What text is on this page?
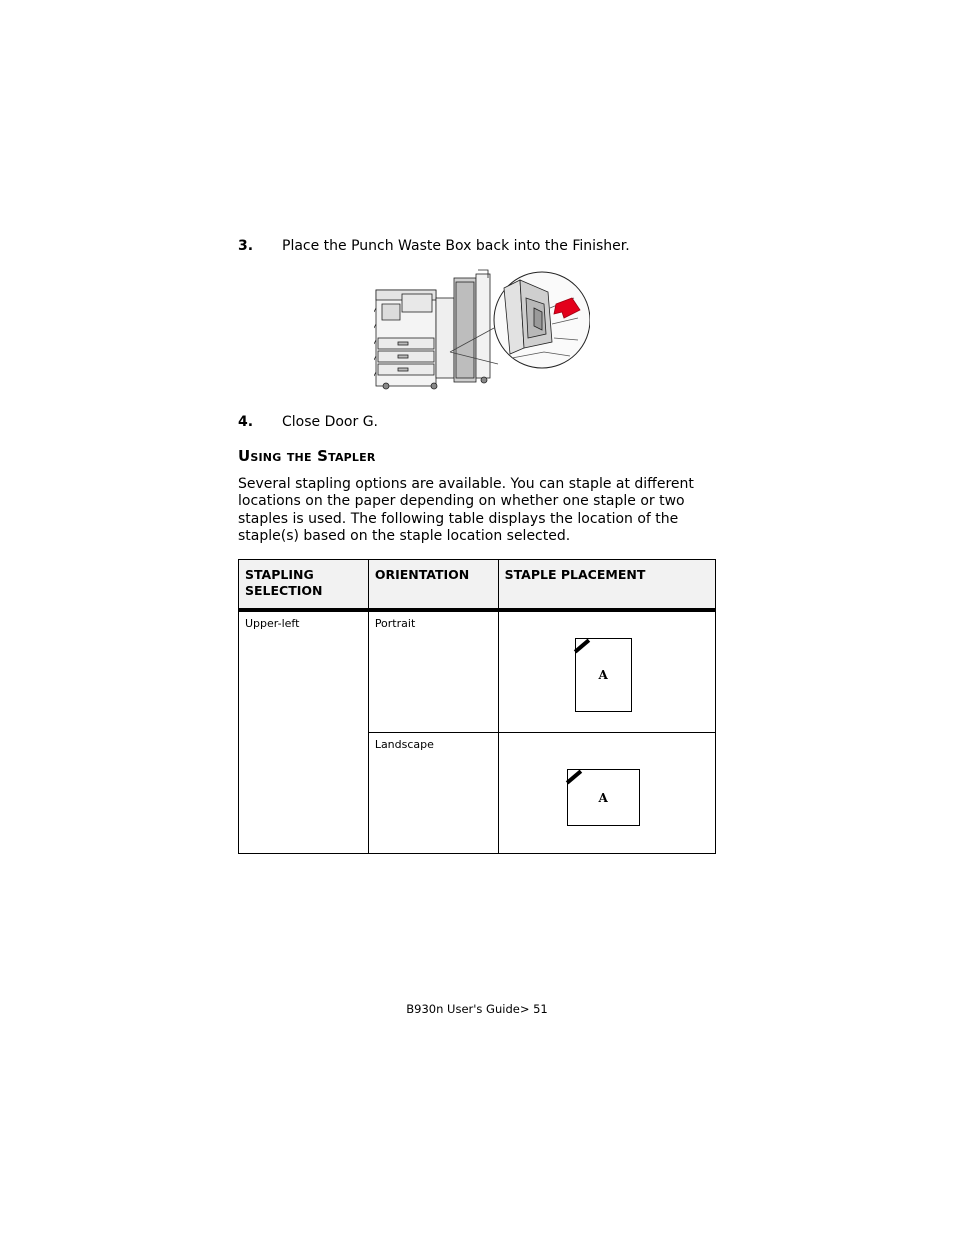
3. Place the Punch Waste Box back into the Finisher.
4. Close Door G.
Using the Stapler
Several stapling options are available. You can staple at different locations on the paper depending on whether one staple or two staples is used. The following table displays the location of the staple(s) based on the staple location selected.
STAPLING SELECTION	ORIENTATION	STAPLE PLACEMENT
Upper-left	Portrait	A

	Landscape	A
B930n User's Guide> 51
